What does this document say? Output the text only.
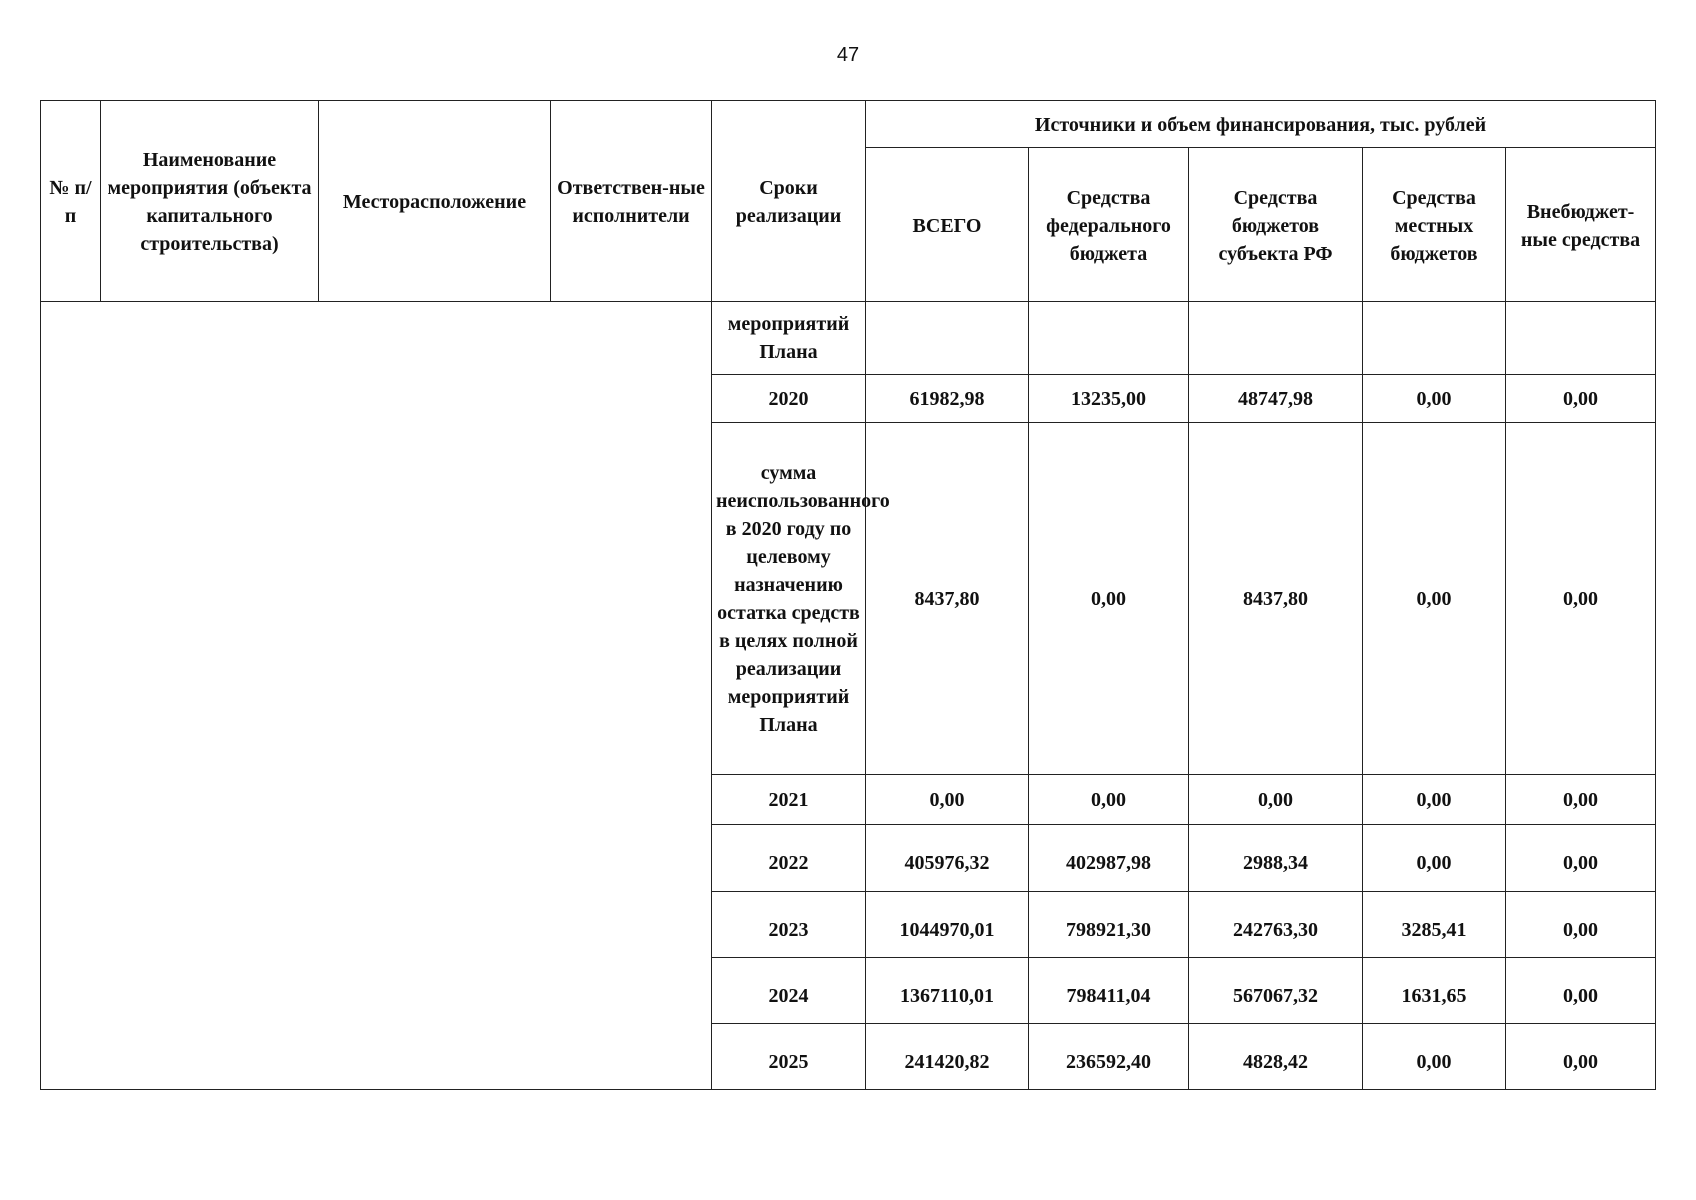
47
№ п/п	Наименование мероприятия (объекта капитального строительства)	Месторасположение	Ответствен-ные исполнители	Сроки реализации	Источники и объем финансирования, тыс. рублей				
					ВСЕГО	Средства федерального бюджета	Средства бюджетов субъекта РФ	Средства местных бюджетов	Внебюджет-ные средства
				мероприятий Плана					
				2020	61982,98	13235,00	48747,98	0,00	0,00
				сумма неиспользованного в 2020 году по целевому назначению остатка средств в целях полной реализации мероприятий Плана	8437,80	0,00	8437,80	0,00	0,00
				2021	0,00	0,00	0,00	0,00	0,00
				2022	405976,32	402987,98	2988,34	0,00	0,00
				2023	1044970,01	798921,30	242763,30	3285,41	0,00
				2024	1367110,01	798411,04	567067,32	1631,65	0,00
				2025	241420,82	236592,40	4828,42	0,00	0,00
